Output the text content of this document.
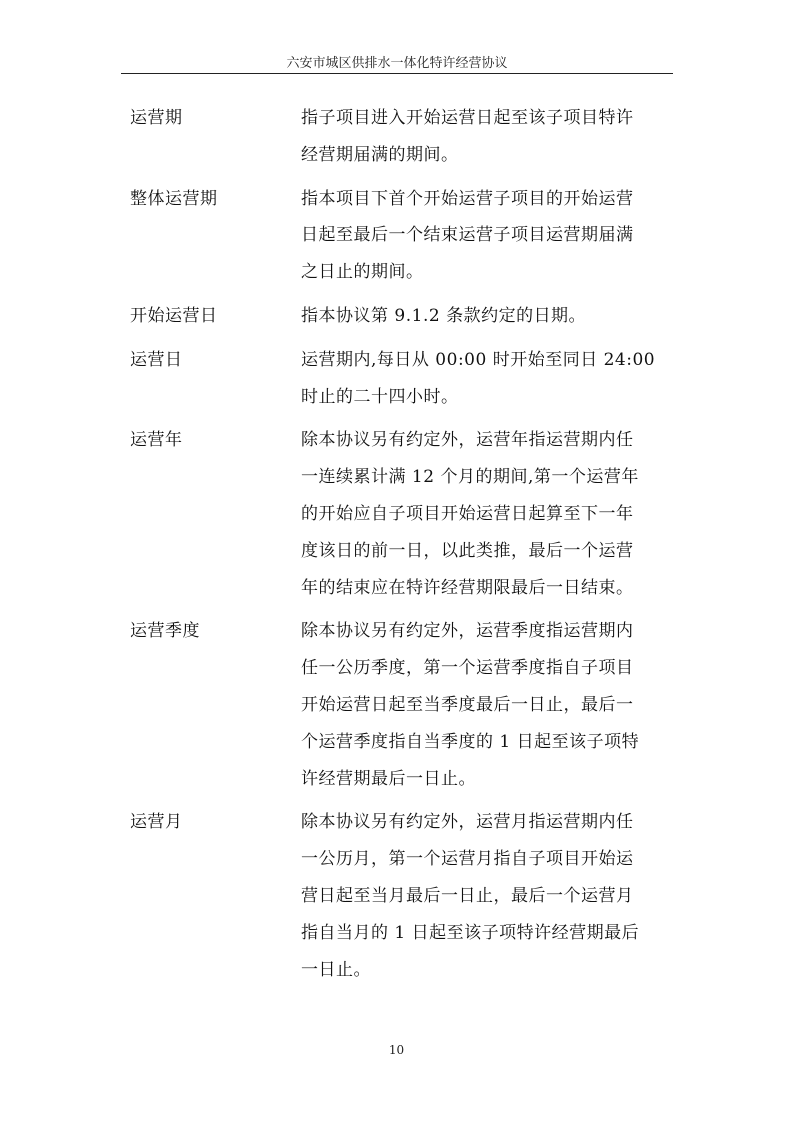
六安市城区供排水一体化特许经营协议
运营期	指子项目进入开始运营日起至该子项目特许
经营期届满的期间。
整体运营期	指本项目下首个开始运营子项目的开始运营
日起至最后一个结束运营子项目运营期届满
之日止的期间。
开始运营日	指本协议第 9.1.2 条款约定的日期。
运营日	运营期内,每日从 00:00 时开始至同日 24:00
时止的二十四小时。
运营年	除本协议另有约定外，运营年指运营期内任
一连续累计满 12 个月的期间,第一个运营年
的开始应自子项目开始运营日起算至下一年
度该日的前一日，以此类推，最后一个运营
年的结束应在特许经营期限最后一日结束。
运营季度	除本协议另有约定外，运营季度指运营期内
任一公历季度，第一个运营季度指自子项目
开始运营日起至当季度最后一日止，最后一
个运营季度指自当季度的 1 日起至该子项特
许经营期最后一日止。
运营月	除本协议另有约定外，运营月指运营期内任
一公历月，第一个运营月指自子项目开始运
营日起至当月最后一日止，最后一个运营月
指自当月的 1 日起至该子项特许经营期最后
一日止。
10
